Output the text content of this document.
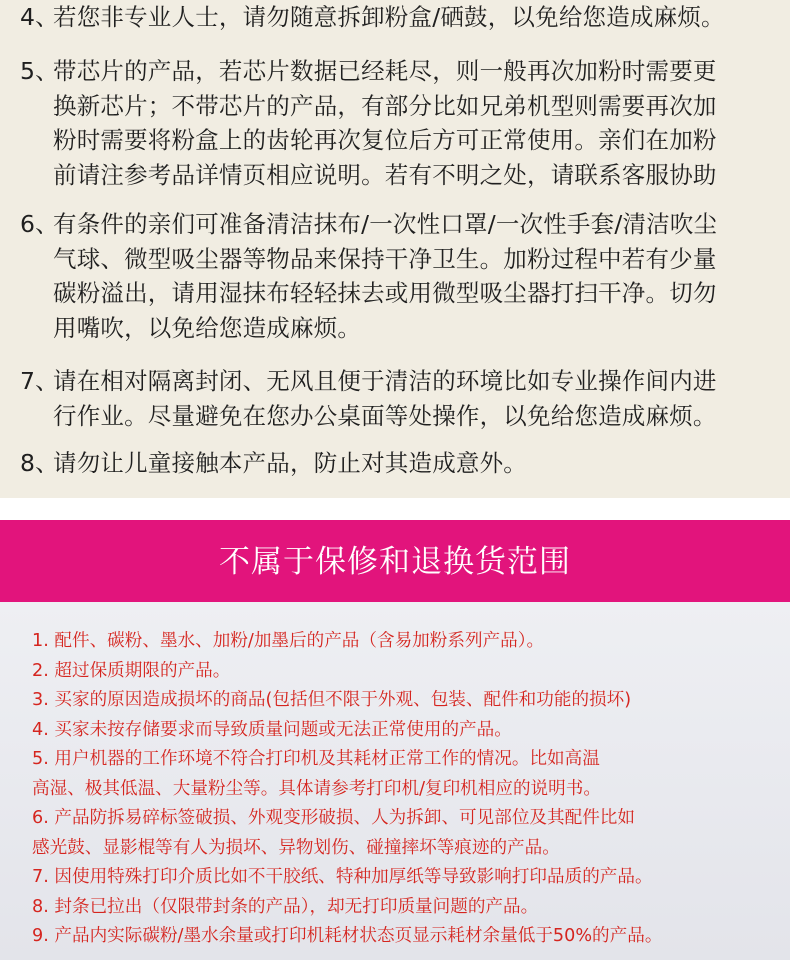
4、若您非专业人士，请勿随意拆卸粉盒/硒鼓，以免给您造成麻烦。
5、带芯片的产品，若芯片数据已经耗尽，则一般再次加粉时需要更
换新芯片；不带芯片的产品，有部分比如兄弟机型则需要再次加
粉时需要将粉盒上的齿轮再次复位后方可正常使用。亲们在加粉
前请注参考品详情页相应说明。若有不明之处，请联系客服协助
6、有条件的亲们可准备清洁抹布/一次性口罩/一次性手套/清洁吹尘
气球、微型吸尘器等物品来保持干净卫生。加粉过程中若有少量
碳粉溢出，请用湿抹布轻轻抹去或用微型吸尘器打扫干净。切勿
用嘴吹，以免给您造成麻烦。
7、请在相对隔离封闭、无风且便于清洁的环境比如专业操作间内进
行作业。尽量避免在您办公桌面等处操作，以免给您造成麻烦。
8、请勿让儿童接触本产品，防止对其造成意外。
不属于保修和退换货范围
1. 配件、碳粉、墨水、加粉/加墨后的产品（含易加粉系列产品）。
2. 超过保质期限的产品。
3. 买家的原因造成损坏的商品(包括但不限于外观、包装、配件和功能的损坏)
4. 买家未按存储要求而导致质量问题或无法正常使用的产品。
5. 用户机器的工作环境不符合打印机及其耗材正常工作的情况。比如高温
高湿、极其低温、大量粉尘等。具体请参考打印机/复印机相应的说明书。
6. 产品防拆易碎标签破损、外观变形破损、人为拆卸、可见部位及其配件比如
感光鼓、显影棍等有人为损坏、异物划伤、碰撞摔坏等痕迹的产品。
7. 因使用特殊打印介质比如不干胶纸、特种加厚纸等导致影响打印品质的产品。
8. 封条已拉出（仅限带封条的产品），却无打印质量问题的产品。
9. 产品内实际碳粉/墨水余量或打印机耗材状态页显示耗材余量低于50%的产品。
